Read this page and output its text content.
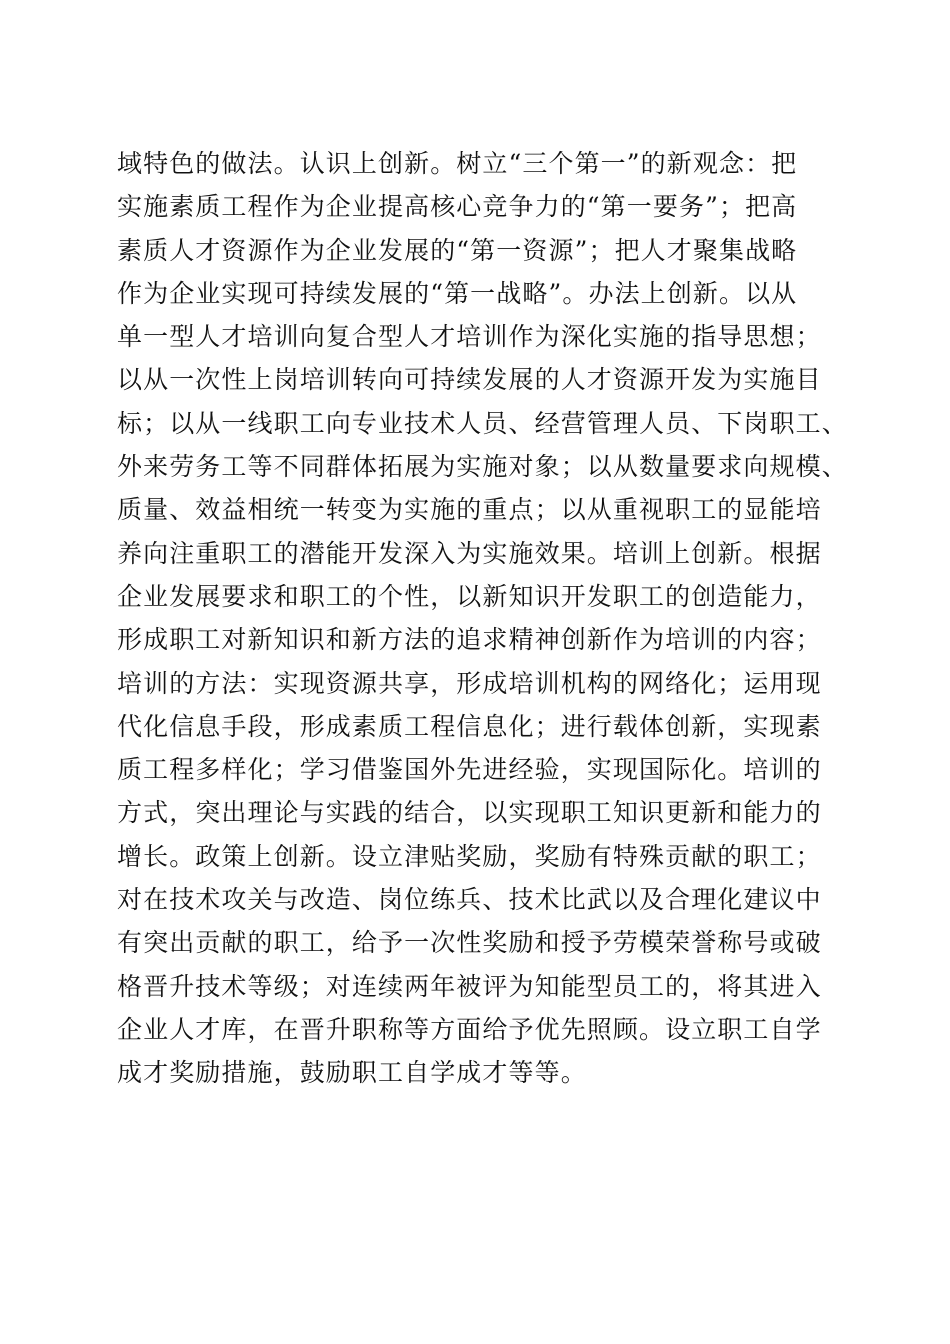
域特色的做法。认识上创新。树立“三个第一”的新观念：把
实施素质工程作为企业提高核心竞争力的“第一要务”；把高
素质人才资源作为企业发展的“第一资源”；把人才聚集战略
作为企业实现可持续发展的“第一战略”。办法上创新。以从
单一型人才培训向复合型人才培训作为深化实施的指导思想；
以从一次性上岗培训转向可持续发展的人才资源开发为实施目
标；以从一线职工向专业技术人员、经营管理人员、下岗职工、
外来劳务工等不同群体拓展为实施对象；以从数量要求向规模、
质量、效益相统一转变为实施的重点；以从重视职工的显能培
养向注重职工的潜能开发深入为实施效果。培训上创新。根据
企业发展要求和职工的个性，以新知识开发职工的创造能力，
形成职工对新知识和新方法的追求精神创新作为培训的内容；
培训的方法：实现资源共享，形成培训机构的网络化；运用现
代化信息手段，形成素质工程信息化；进行载体创新，实现素
质工程多样化；学习借鉴国外先进经验，实现国际化。培训的
方式，突出理论与实践的结合，以实现职工知识更新和能力的
增长。政策上创新。设立津贴奖励，奖励有特殊贡献的职工；
对在技术攻关与改造、岗位练兵、技术比武以及合理化建议中
有突出贡献的职工，给予一次性奖励和授予劳模荣誉称号或破
格晋升技术等级；对连续两年被评为知能型员工的，将其进入
企业人才库，在晋升职称等方面给予优先照顾。设立职工自学
成才奖励措施，鼓励职工自学成才等等。
